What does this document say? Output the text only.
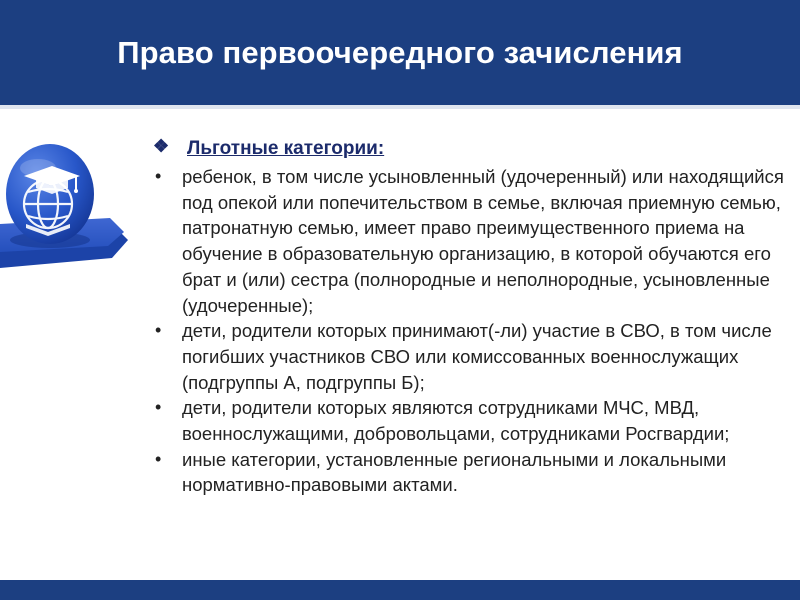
Право первоочередного зачисления
❖ Льготные категории:
• ребенок, в том числе усыновленный (удочеренный) или находящийся под опекой или попечительством в семье, включая приемную семью, патронатную семью, имеет право преимущественного приема на обучение в образовательную организацию, в которой обучаются его брат и (или) сестра (полнородные и неполнородные, усыновленные (удочеренные);
• дети, родители которых принимают(-ли) участие в СВО, в том числе погибших участников СВО или комиссованных военнослужащих (подгруппы А, подгруппы Б);
• дети, родители которых являются сотрудниками МЧС, МВД, военнослужащими, добровольцами, сотрудниками Росгвардии;
• иные категории, установленные региональными и локальными нормативно-правовыми актами.
